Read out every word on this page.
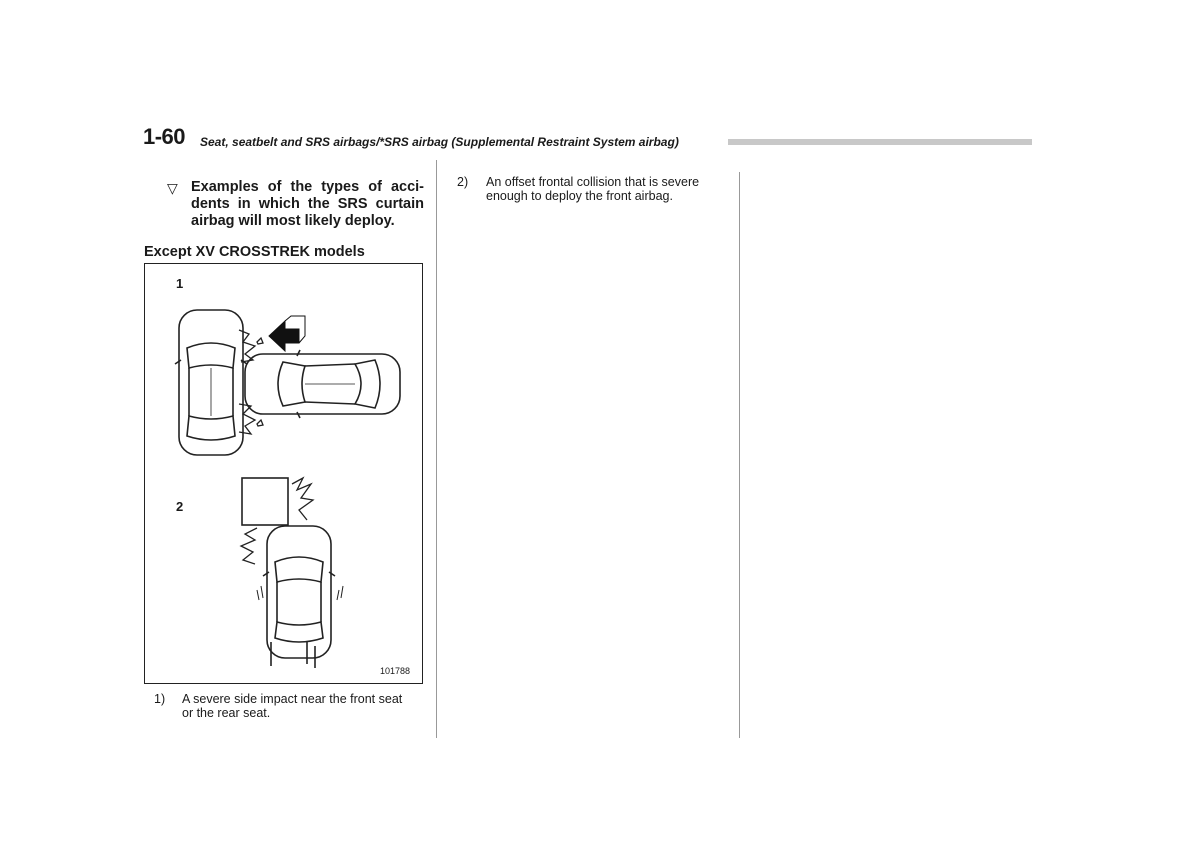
1-60 Seat, seatbelt and SRS airbags/*SRS airbag (Supplemental Restraint System airbag)
▽ Examples of the types of acci-
dents in which the SRS curtain
airbag will most likely deploy.
Except XV CROSSTREK models
1
2
101788
1) A severe side impact near the front seat
or the rear seat.
2) An offset frontal collision that is severe
enough to deploy the front airbag.
